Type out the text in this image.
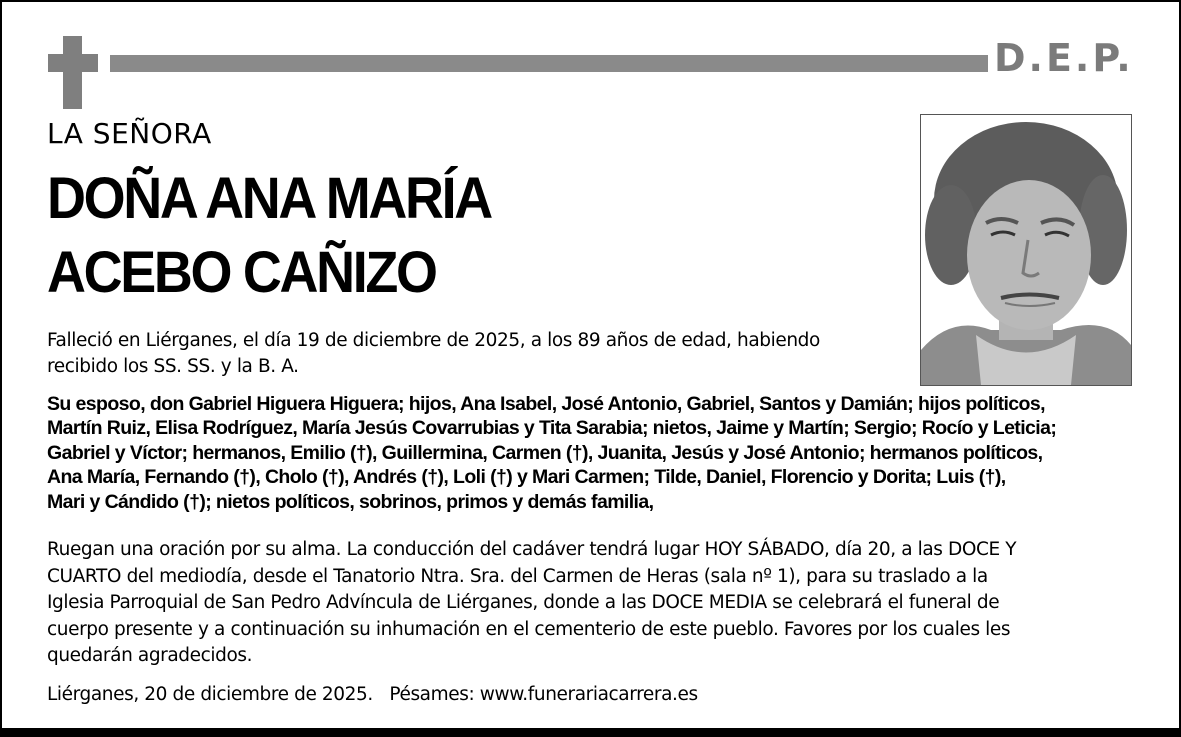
D.E.P.
LA SEÑORA
DOÑA ANA MARÍA
ACEBO CAÑIZO
Falleció en Liérganes, el día 19 de diciembre de 2025, a los 89 años de edad, habiendo
recibido los SS. SS. y la B. A.
Su esposo, don Gabriel Higuera Higuera; hijos, Ana Isabel, José Antonio, Gabriel, Santos y Damián; hijos políticos,
Martín Ruiz, Elisa Rodríguez, María Jesús Covarrubias y Tita Sarabia; nietos, Jaime y Martín; Sergio; Rocío y Leticia;
Gabriel y Víctor; hermanos, Emilio (†), Guillermina, Carmen (†), Juanita, Jesús y José Antonio; hermanos políticos,
Ana María, Fernando (†), Cholo (†), Andrés (†), Loli (†) y Mari Carmen; Tilde, Daniel, Florencio y Dorita; Luis (†),
Mari y Cándido (†); nietos políticos, sobrinos, primos y demás familia,
Ruegan una oración por su alma. La conducción del cadáver tendrá lugar HOY SÁBADO, día 20, a las DOCE Y
CUARTO del mediodía, desde el Tanatorio Ntra. Sra. del Carmen de Heras (sala nº 1), para su traslado a la
Iglesia Parroquial de San Pedro Advíncula de Liérganes, donde a las DOCE MEDIA se celebrará el funeral de
cuerpo presente y a continuación su inhumación en el cementerio de este pueblo. Favores por los cuales les
quedarán agradecidos.
Liérganes, 20 de diciembre de 2025. Pésames: www.funerariacarrera.es
